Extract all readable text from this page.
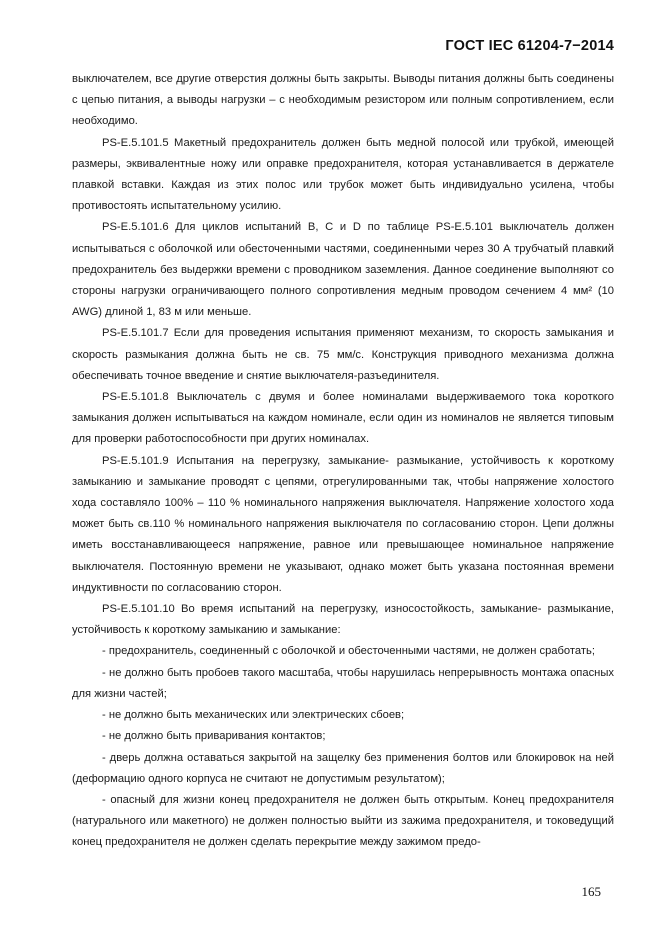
ГОСТ IEC 61204-7−2014

выключателем, все другие отверстия должны быть закрыты. Выводы питания должны быть соединены с цепью питания, а выводы нагрузки – с необходимым резистором или полным сопротивлением, если необходимо.

PS-E.5.101.5 Макетный предохранитель должен быть медной полосой или трубкой, имеющей размеры, эквивалентные ножу или оправке предохранителя, которая устанавливается в держателе плавкой вставки. Каждая из этих полос или трубок может быть индивидуально усилена, чтобы противостоять испытательному усилию.

PS-E.5.101.6 Для циклов испытаний B, C и D по таблице PS-E.5.101 выключатель должен испытываться с оболочкой или обесточенными частями, соединенными через 30 А трубчатый плавкий предохранитель без выдержки времени с проводником заземления. Данное соединение выполняют со стороны нагрузки ограничивающего полного сопротивления медным проводом сечением 4 мм² (10 AWG) длиной 1, 83 м или меньше.

PS-E.5.101.7 Если для проведения испытания применяют механизм, то скорость замыкания и скорость размыкания должна быть не св. 75 мм/с. Конструкция приводного механизма должна обеспечивать точное введение и снятие выключателя-разъединителя.

PS-E.5.101.8 Выключатель с двумя и более номиналами выдерживаемого тока короткого замыкания должен испытываться на каждом номинале, если один из номиналов не является типовым для проверки работоспособности при других номиналах.

PS-E.5.101.9 Испытания на перегрузку, замыкание- размыкание, устойчивость к короткому замыканию и замыкание проводят с цепями, отрегулированными так, чтобы напряжение холостого хода составляло 100% – 110 % номинального напряжения выключателя. Напряжение холостого хода может быть св.110 % номинального напряжения выключателя по согласованию сторон. Цепи должны иметь восстанавливающееся напряжение, равное или превышающее номинальное напряжение выключателя. Постоянную времени не указывают, однако может быть указана постоянная времени индуктивности по согласованию сторон.

PS-E.5.101.10 Во время испытаний на перегрузку, износостойкость, замыкание- размыкание, устойчивость к короткому замыканию и замыкание:

- предохранитель, соединенный с оболочкой и обесточенными частями, не должен сработать;

- не должно быть пробоев такого масштаба, чтобы нарушилась непрерывность монтажа опасных для жизни частей;

- не должно быть механических или электрических сбоев;

- не должно быть приваривания контактов;

- дверь должна оставаться закрытой на защелку без применения болтов или блокировок на ней (деформацию одного корпуса не считают не допустимым результатом);

- опасный для жизни конец предохранителя не должен быть открытым. Конец предохранителя (натурального или макетного) не должен полностью выйти из зажима предохранителя, и токоведущий конец предохранителя не должен сделать перекрытие между зажимом предо-

165
